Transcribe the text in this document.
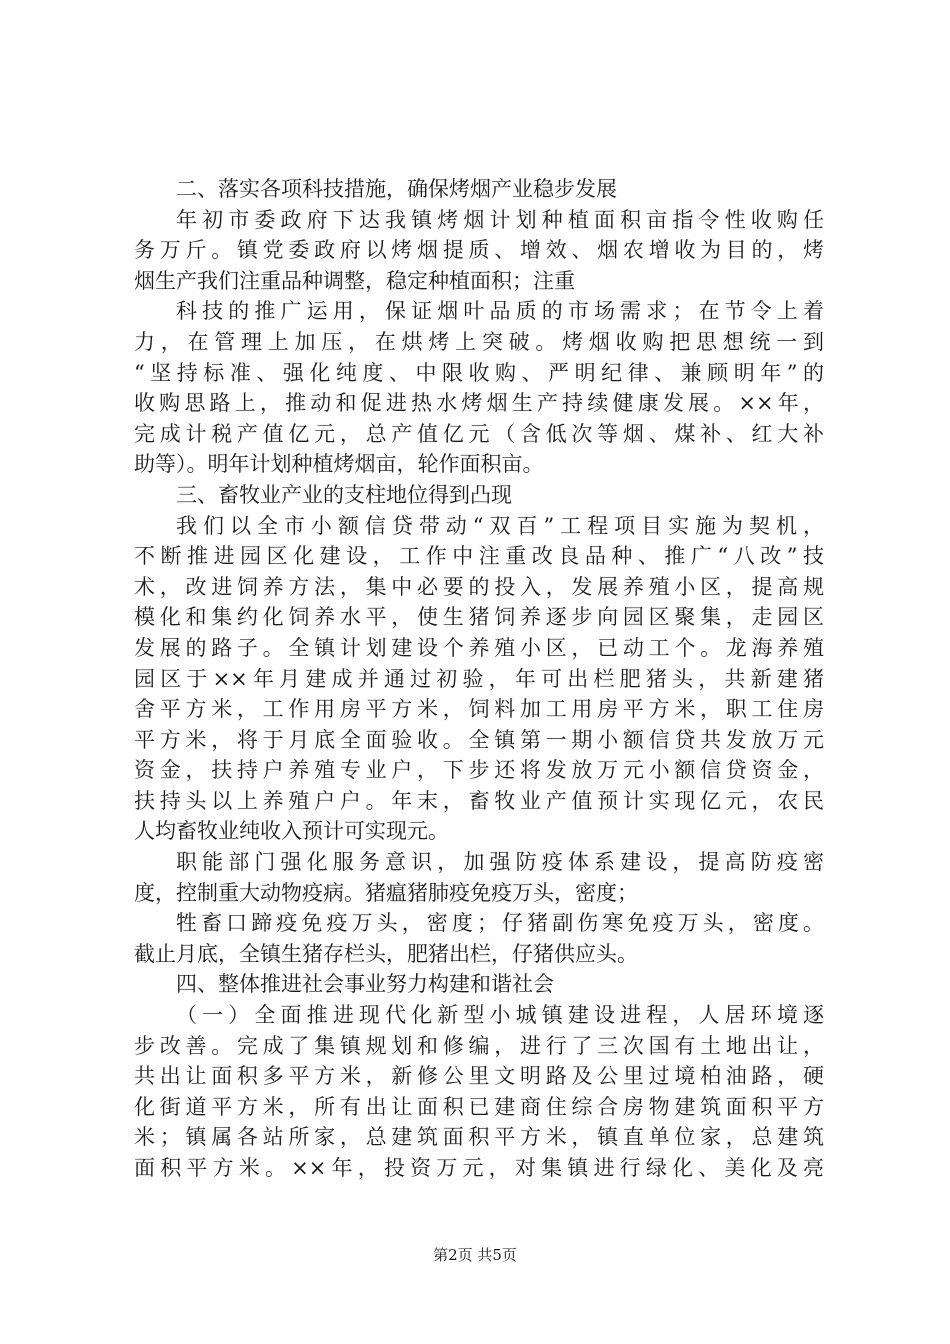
二、落实各项科技措施，确保烤烟产业稳步发展
年初市委政府下达我镇烤烟计划种植面积亩指令性收购任
务万斤。镇党委政府以烤烟提质、增效、烟农增收为目的，烤
烟生产我们注重品种调整，稳定种植面积；注重
科技的推广运用，保证烟叶品质的市场需求；在节令上着
力，在管理上加压，在烘烤上突破。烤烟收购把思想统一到
“坚持标准、强化纯度、中限收购、严明纪律、兼顾明年”的
收购思路上，推动和促进热水烤烟生产持续健康发展。××年，
完成计税产值亿元，总产值亿元（含低次等烟、煤补、红大补
助等）。明年计划种植烤烟亩，轮作面积亩。
三、畜牧业产业的支柱地位得到凸现
我们以全市小额信贷带动“双百”工程项目实施为契机，
不断推进园区化建设，工作中注重改良品种、推广“八改”技
术，改进饲养方法，集中必要的投入，发展养殖小区，提高规
模化和集约化饲养水平，使生猪饲养逐步向园区聚集，走园区
发展的路子。全镇计划建设个养殖小区，已动工个。龙海养殖
园区于××年月建成并通过初验，年可出栏肥猪头，共新建猪
舍平方米，工作用房平方米，饲料加工用房平方米，职工住房
平方米，将于月底全面验收。全镇第一期小额信贷共发放万元
资金，扶持户养殖专业户，下步还将发放万元小额信贷资金，
扶持头以上养殖户户。年末，畜牧业产值预计实现亿元，农民
人均畜牧业纯收入预计可实现元。
职能部门强化服务意识，加强防疫体系建设，提高防疫密
度，控制重大动物疫病。猪瘟猪肺疫免疫万头，密度；
牲畜口蹄疫免疫万头，密度；仔猪副伤寒免疫万头，密度。
截止月底，全镇生猪存栏头，肥猪出栏，仔猪供应头。
四、整体推进社会事业努力构建和谐社会
（一）全面推进现代化新型小城镇建设进程，人居环境逐
步改善。完成了集镇规划和修编，进行了三次国有土地出让，
共出让面积多平方米，新修公里文明路及公里过境柏油路，硬
化街道平方米，所有出让面积已建商住综合房物建筑面积平方
米；镇属各站所家，总建筑面积平方米，镇直单位家，总建筑
面积平方米。××年，投资万元，对集镇进行绿化、美化及亮
第2页 共5页
